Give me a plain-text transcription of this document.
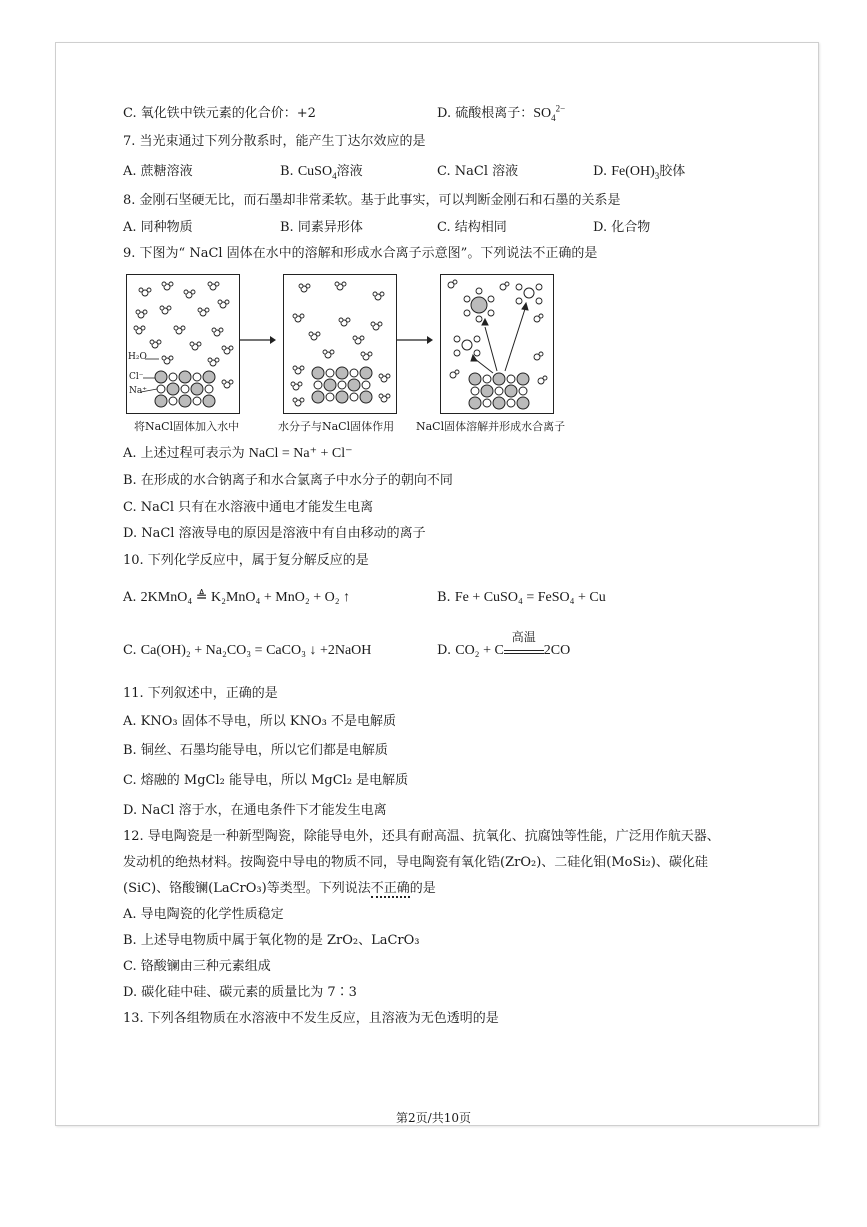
C. 氧化铁中铁元素的化合价：+2	D. 硫酸根离子：$SO_4^{2-}$
7. 当光束通过下列分散系时，能产生丁达尔效应的是
A. 蔗糖溶液	B. CuSO$_4$溶液	C. NaCl 溶液	D. $Fe(OH)_3$胶体
8. 金刚石坚硬无比，而石墨却非常柔软。基于此事实，可以判断金刚石和石墨的关系是
A. 同种物质	B. 同素异形体	C. 结构相同	D. 化合物
9. 下图为“ NaCl 固体在水中的溶解和形成水合离子示意图”。下列说法不正确的是
H₂O
Cl⁻
Na⁺
将NaCl固体加入水中	水分子与NaCl固体作用 NaCl固体溶解并形成水合离子
A. 上述过程可表示为 NaCl = Na⁺ + Cl⁻
B. 在形成的水合钠离子和水合氯离子中水分子的朝向不同
C. NaCl 只有在水溶液中通电才能发生电离
D. NaCl 溶液导电的原因是溶液中有自由移动的离子
10. 下列化学反应中，属于复分解反应的是
A. 2KMnO₄ ≜ K₂MnO₄ + MnO₂ + O₂ ↑	B. Fe + CuSO₄ = FeSO₄ + Cu
C. Ca(OH)₂ + Na₂CO₃ = CaCO₃ ↓ +2NaOH	D. CO₂ + C
高温
2CO
11. 下列叙述中，正确的是
A. KNO₃ 固体不导电，所以 KNO₃ 不是电解质
B. 铜丝、石墨均能导电，所以它们都是电解质
C. 熔融的 MgCl₂ 能导电，所以 MgCl₂ 是电解质
D. NaCl 溶于水，在通电条件下才能发生电离
12. 导电陶瓷是一种新型陶瓷，除能导电外，还具有耐高温、抗氧化、抗腐蚀等性能，广泛用作航天器、
发动机的绝热材料。按陶瓷中导电的物质不同，导电陶瓷有氧化锆(ZrO₂)、二硅化钼(MoSi₂)、碳化硅
(SiC)、铬酸镧(LaCrO₃)等类型。下列说法不正确的是
A. 导电陶瓷的化学性质稳定
B. 上述导电物质中属于氧化物的是 ZrO₂、LaCrO₃
C. 铬酸镧由三种元素组成
D. 碳化硅中硅、碳元素的质量比为 7∶3
13. 下列各组物质在水溶液中不发生反应，且溶液为无色透明的是
第2页/共10页
